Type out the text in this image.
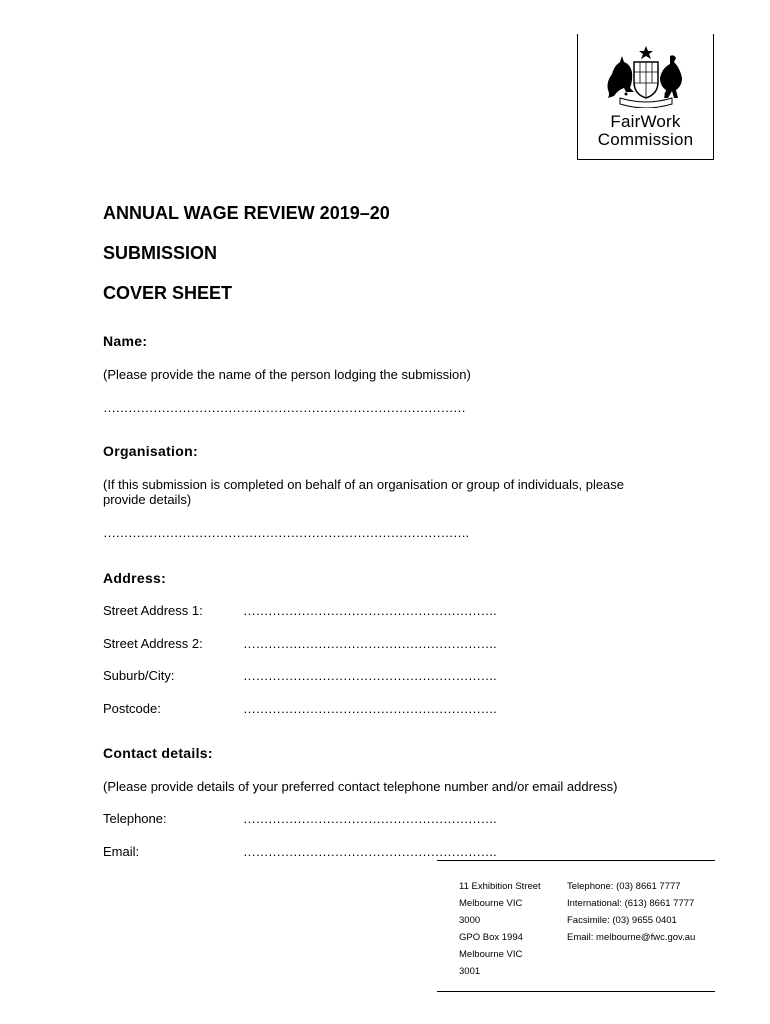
FairWork
Commission
ANNUAL WAGE REVIEW 2019–20
SUBMISSION
COVER SHEET

Name:

(Please provide the name of the person lodging the submission)

……………………………………………………………………………

Organisation:

(If this submission is completed on behalf of an organisation or group of individuals, please

provide details)

…………………………………………………………………………….

Address:

Street Address 1:	…………………………………………………….
Street Address 2:	…………………………………………………….
Suburb/City:	…………………………………………………….
Postcode:	…………………………………………………….

Contact details:

(Please provide details of your preferred contact telephone number and/or email address)

Telephone:	…………………………………………………….
Email:	…………………………………………………….
11 Exhibition Street
Melbourne VIC
3000
GPO Box 1994
Melbourne VIC
3001
Telephone: (03) 8661 7777
International: (613) 8661 7777
Facsimile: (03) 9655 0401
Email: melbourne@fwc.gov.au
